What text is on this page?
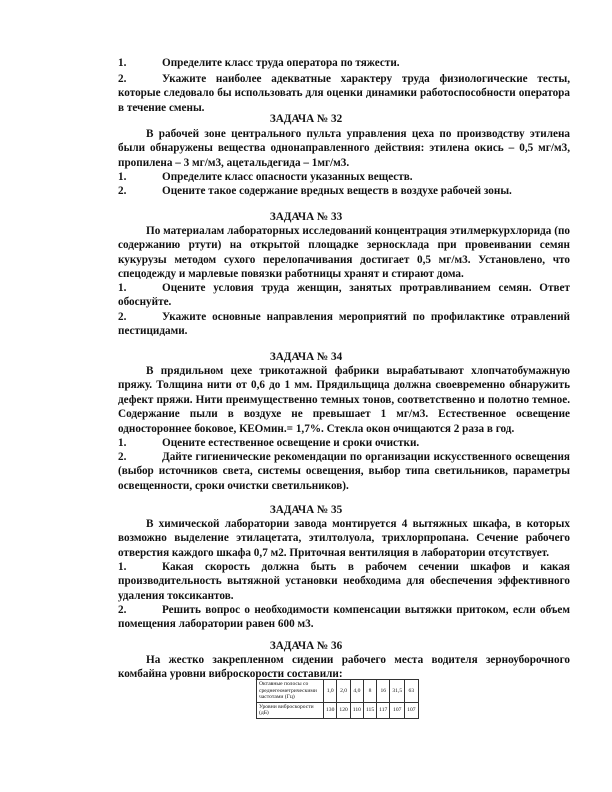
1.	Определите класс труда оператора по тяжести.
2.	Укажите наиболее адекватные характеру труда физиологические тесты, которые следовало бы использовать для оценки динамики работоспособности оператора в течение смены.
ЗАДАЧА № 32
В рабочей зоне центрального пульта управления цеха по производству этилена были обнаружены вещества однонаправленного действия: этилена окись – 0,5 мг/м3, пропилена – 3 мг/м3, ацетальдегида – 1мг/м3.
1.	Определите класс опасности указанных веществ.
2.	Оцените такое содержание вредных веществ в воздухе рабочей зоны.
ЗАДАЧА № 33
По материалам лабораторных исследований концентрация этилмеркурхлорида (по содержанию ртути) на открытой площадке зерносклада при провеивании семян кукурузы методом сухого перелопачивания достигает 0,5 мг/м3. Установлено, что спецодежду и марлевые повязки работницы хранят и стирают дома.
1.	Оцените условия труда женщин, занятых протравливанием семян. Ответ обоснуйте.
2.	Укажите основные направления мероприятий по профилактике отравлений пестицидами.
ЗАДАЧА № 34
В прядильном цехе трикотажной фабрики вырабатывают хлопчатобумажную пряжу. Толщина нити от 0,6 до 1 мм. Прядильщица должна своевременно обнаружить дефект пряжи. Нити преимущественно темных тонов, соответственно и полотно темное. Содержание пыли в воздухе не превышает 1 мг/м3. Естественное освещение одностороннее боковое, КЕОмин.= 1,7%. Стекла окон очищаются 2 раза в год.
1.	Оцените естественное освещение и сроки очистки.
2.	Дайте гигиенические рекомендации по организации искусственного освещения (выбор источников света, системы освещения, выбор типа светильников, параметры освещенности, сроки очистки светильников).
ЗАДАЧА № 35
В химической лаборатории завода монтируется 4 вытяжных шкафа, в которых возможно выделение этилацетата, этилтолуола, трихлорпропана. Сечение рабочего отверстия каждого шкафа 0,7 м2. Приточная вентиляция в лаборатории отсутствует.
1.	Какая скорость должна быть в рабочем сечении шкафов и какая производительность вытяжной установки необходима для обеспечения эффективного удаления токсикантов.
2.	Решить вопрос о необходимости компенсации вытяжки притоком, если объем помещения лаборатории равен 600 м3.
ЗАДАЧА № 36
На жестко закрепленном сидении рабочего места водителя зерноуборочного комбайна уровни виброскорости составили:
Октавные полосы со среднегеометрическими частотами (Гц)	1,0	2,0	4,0	8	16	31,5	63
Уровни виброскорости (дБ)	130	120	110	115	117	107	107
